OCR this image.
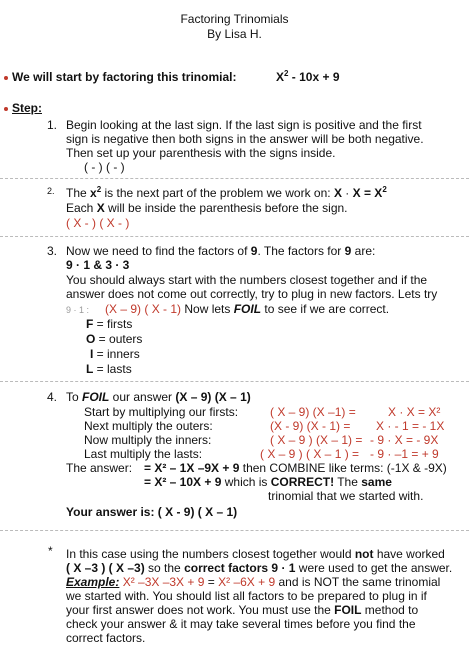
Factoring Trinomials
By Lisa H.
We will start by factoring this trinomial:	$X^2 - 10x + 9$
Step:
1. Begin looking at the last sign. If the last sign is positive and the first
sign is negative then both signs in the answer will be both negative.
Then set up your parenthesis with the signs inside.
( - ) ( - )
2. The $x^2$ is the next part of the problem we work on: $X \cdot X = X^2$
Each X will be inside the parenthesis before the sign.
( X - ) ( X - )
3. Now we need to find the factors of 9. The factors for 9 are:
9 · 1 & 3 · 3
You should always start with the numbers closest together and if the
answer does not come out correctly, try to plug in new factors. Lets try
9 · 1 : (X – 9) ( X - 1) Now lets FOIL to see if we are correct.
F = firsts
O = outers
I = inners
L = lasts
4. To FOIL our answer (X – 9) (X – 1)
Start by multiplying our firsts:	( X – 9) (X –1) =	X · X = X²
Next multiply the outers:	(X - 9) (X - 1) = X · - 1 = - 1X
Now multiply the inners:	( X – 9 ) (X – 1) = - 9 · X = - 9X
Last multiply the lasts:	( X – 9 ) ( X – 1 ) = - 9 · –1 = + 9
The answer: = X² – 1X –9X + 9 then COMBINE like terms: (-1X & -9X)
= X² – 10X + 9 which is CORRECT! The same
trinomial that we started with.
Your answer is: ( X - 9) ( X – 1)
* In this case using the numbers closest together would not have worked
( X –3 ) ( X –3) so the correct factors 9 · 1 were used to get the answer.
Example: X² –3X –3X + 9 = X² –6X + 9 and is NOT the same trinomial
we started with. You should list all factors to be prepared to plug in if
your first answer does not work. You must use the FOIL method to
check your answer & it may take several times before you find the
correct factors.
